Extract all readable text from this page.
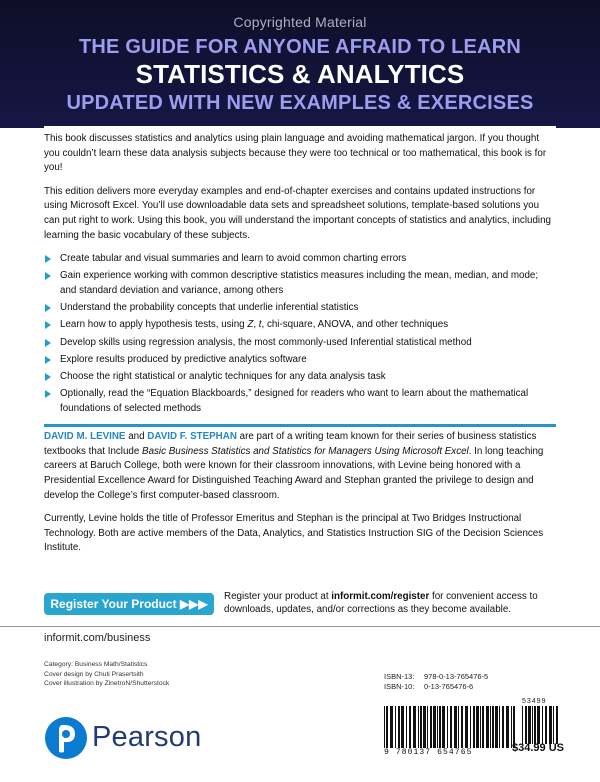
Copyrighted Material
THE GUIDE FOR ANYONE AFRAID TO LEARN
STATISTICS & ANALYTICS
UPDATED WITH NEW EXAMPLES & EXERCISES

This book discusses statistics and analytics using plain language and avoiding mathematical jargon. If you thought you couldn’t learn these data analysis subjects because they were too technical or too mathematical, this book is for you!

This edition delivers more everyday examples and end-of-chapter exercises and contains updated instructions for using Microsoft Excel. You’ll use downloadable data sets and spreadsheet solutions, template-based solutions you can put right to work. Using this book, you will understand the important concepts of statistics and analytics, including learning the basic vocabulary of these subjects.

Create tabular and visual summaries and learn to avoid common charting errors
Gain experience working with common descriptive statistics measures including the mean, median, and mode; and standard deviation and variance, among others
Understand the probability concepts that underlie inferential statistics
Learn how to apply hypothesis tests, using Z, t, chi-square, ANOVA, and other techniques
Develop skills using regression analysis, the most commonly-used Inferential statistical method
Explore results produced by predictive analytics software
Choose the right statistical or analytic techniques for any data analysis task
Optionally, read the “Equation Blackboards,” designed for readers who want to learn about the mathematical foundations of selected methods

DAVID M. LEVINE and DAVID F. STEPHAN are part of a writing team known for their series of business statistics textbooks that Include Basic Business Statistics and Statistics for Managers Using Microsoft Excel. In long teaching careers at Baruch College, both were known for their classroom innovations, with Levine being honored with a Presidential Excellence Award for Distinguished Teaching Award and Stephan granted the privilege to design and develop the College’s first computer-based classroom.

Currently, Levine holds the title of Professor Emeritus and Stephan is the principal at Two Bridges Instructional Technology. Both are active members of the Data, Analytics, and Statistics Instruction SIG of the Decision Sciences Institute.

Register Your Product ▶▶▶
Register your product at informit.com/register for convenient access to downloads, updates, and/or corrections as they become available.
informit.com/business
Category: Business Math/Statistics
Cover design by Chuti Prasertsith
Cover illustration by ZinetroN/Shutterstock
ISBN-13: 978-0-13-765476-5
ISBN-10: 0-13-765476-6
53499
9 780137 654765	$34.99 US
Pearson
